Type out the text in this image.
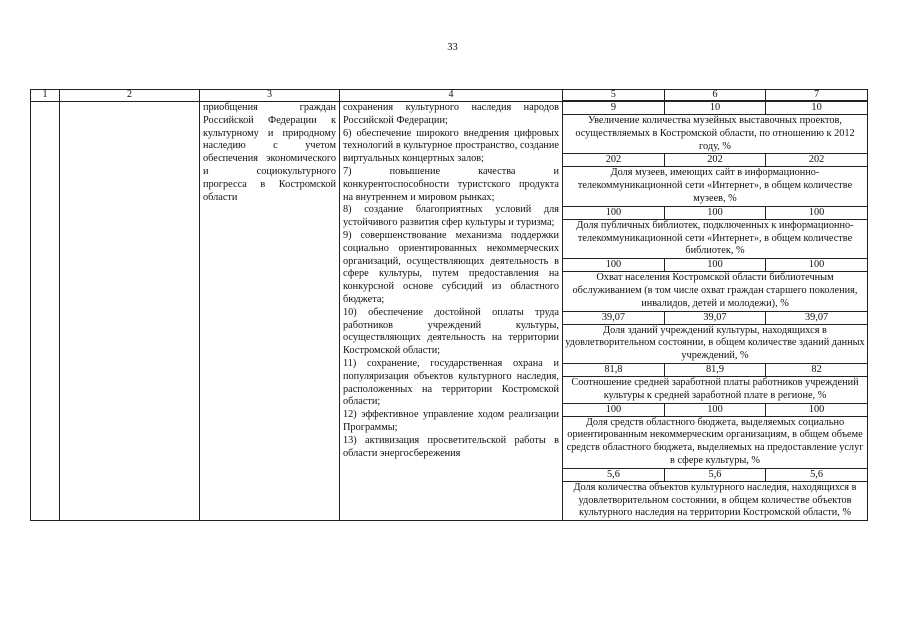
33
1	2	3	4		5	6	7

		приобщения граждан Российской Федерации к культурному и природному наследию с учетом обеспечения экономического и социокультурного прогресса в Костромской области	
сохранения культурного наследия народов Российской Федерации;
6) обеспечение широкого внедрения цифровых технологий в культурное пространство, создание виртуальных концертных залов;
7) повышение качества и конкурентоспособности туристского продукта на внутреннем и мировом рынках;
8) создание благоприятных условий для устойчивого развития сфер культуры и туризма;
9) совершенствование механизма поддержки социально ориентированных некоммерческих организаций, осуществляющих деятельность в сфере культуры, путем предоставления на конкурсной основе субсидий из областного бюджета;
10) обеспечение достойной оплаты труда работников учреждений культуры, осуществляющих деятельность на территории Костромской области;
11) сохранение, государственная охрана и популяризация объектов культурного наследия, расположенных на территории Костромской области;
12) эффективное управление ходом реализации Программы;
13) активизация просветительской работы в области энергосбережения

9	10	10
Увеличение количества музейных выставочных проектов, осуществляемых в Костромской области, по отношению к 2012 году, %
202	202	202
Доля музеев, имеющих сайт в информационно-телекоммуникационной сети «Интернет», в общем количестве музеев, %
100	100	100
Доля публичных библиотек, подключенных к информационно-телекоммуникационной сети «Интернет», в общем количестве библиотек, %
100	100	100
Охват населения Костромской области библиотечным обслуживанием (в том числе охват граждан старшего поколения, инвалидов, детей и молодежи), %
39,07	39,07	39,07
Доля зданий учреждений культуры, находящихся в удовлетворительном состоянии, в общем количестве зданий данных учреждений, %
81,8	81,9	82
Соотношение средней заработной платы работников учреждений культуры к средней заработной плате в регионе, %
100	100	100
Доля средств областного бюджета, выделяемых социально ориентированным некоммерческим организациям, в общем объеме средств областного бюджета, выделяемых на предоставление услуг в сфере культуры, %
5,6	5,6	5,6
Доля количества объектов культурного наследия, находящихся в удовлетворительном состоянии, в общем количестве объектов культурного наследия на территории Костромской области, %
